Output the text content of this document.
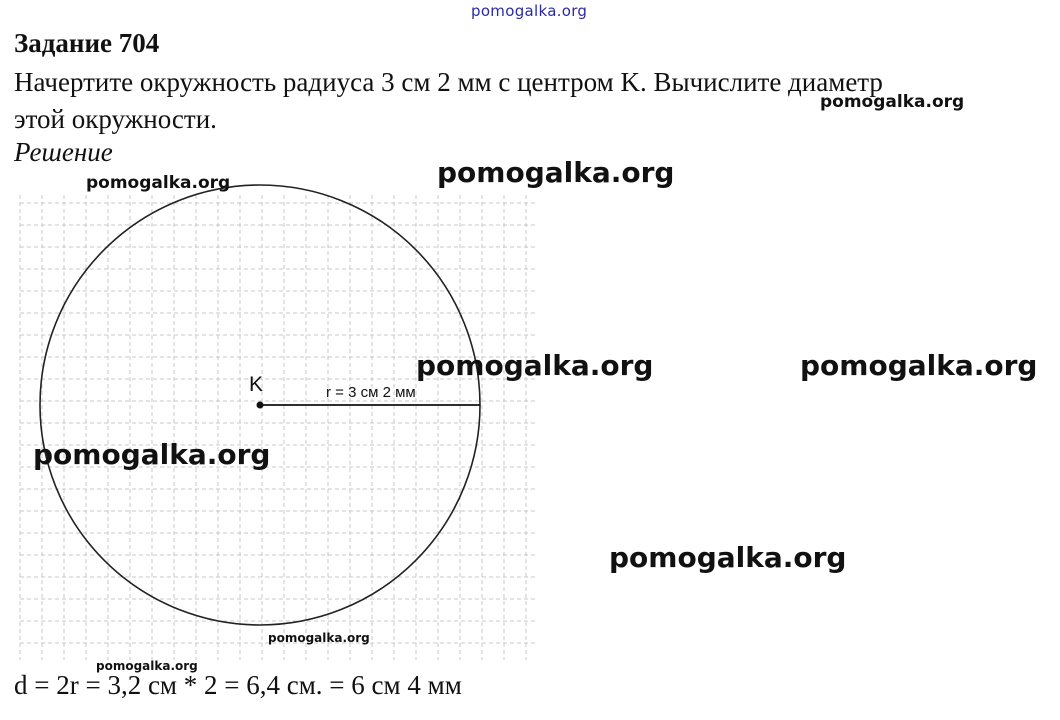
pomogalka.org
Задание 704
Начертите окружность радиуса 3 см 2 мм с центром K. Вычислите диаметр
этой окружности.
Решение
K	r = 3 см 2 мм
pomogalka.org
pomogalka.org	pomogalka.org
pomogalka.org	pomogalka.org
pomogalka.org
pomogalka.org
pomogalka.org
pomogalka.org
d = 2r = 3,2 см * 2 = 6,4 см. = 6 см 4 мм
